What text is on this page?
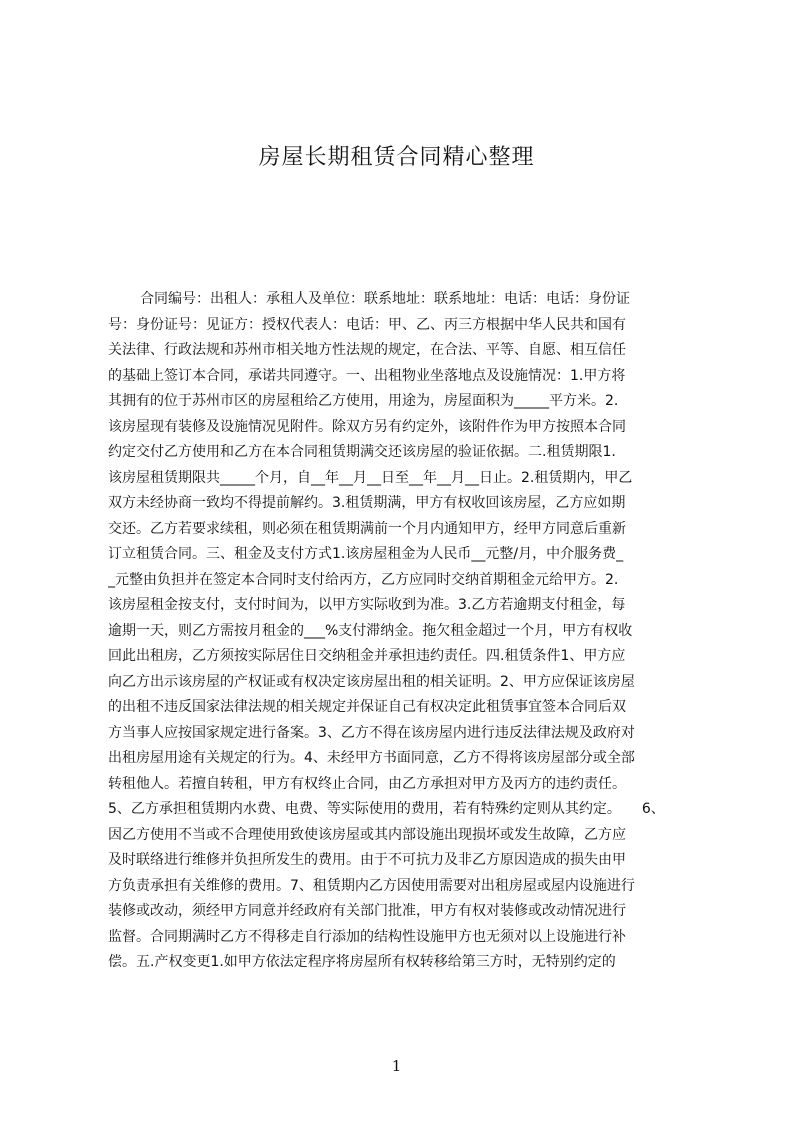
房屋长期租赁合同精心整理
合同编号：出租人：承租人及单位：联系地址：联系地址：电话：电话：身份证
号：身份证号：见证方：授权代表人：电话：甲、乙、丙三方根据中华人民共和国有
关法律、行政法规和苏州市相关地方性法规的规定，在合法、平等、自愿、相互信任
的基础上签订本合同，承诺共同遵守。一、出租物业坐落地点及设施情况：1.甲方将
其拥有的位于苏州市区的房屋租给乙方使用，用途为，房屋面积为_____平方米。2.
该房屋现有装修及设施情况见附件。除双方另有约定外，该附件作为甲方按照本合同
约定交付乙方使用和乙方在本合同租赁期满交还该房屋的验证依据。二.租赁期限1.
该房屋租赁期限共_____个月，自__年__月__日至__年__月__日止。2.租赁期内，甲乙
双方未经协商一致均不得提前解约。3.租赁期满，甲方有权收回该房屋，乙方应如期
交还。乙方若要求续租，则必须在租赁期满前一个月内通知甲方，经甲方同意后重新
订立租赁合同。三、租金及支付方式1.该房屋租金为人民币__元整/月，中介服务费_
_元整由负担并在签定本合同时支付给丙方，乙方应同时交纳首期租金元给甲方。2.
该房屋租金按支付，支付时间为，以甲方实际收到为准。3.乙方若逾期支付租金，每
逾期一天，则乙方需按月租金的___%支付滞纳金。拖欠租金超过一个月，甲方有权收
回此出租房，乙方须按实际居住日交纳租金并承担违约责任。四.租赁条件1、甲方应
向乙方出示该房屋的产权证或有权决定该房屋出租的相关证明。2、甲方应保证该房屋
的出租不违反国家法律法规的相关规定并保证自己有权决定此租赁事宜签本合同后双
方当事人应按国家规定进行备案。3、乙方不得在该房屋内进行违反法律法规及政府对
出租房屋用途有关规定的行为。4、未经甲方书面同意，乙方不得将该房屋部分或全部
转租他人。若擅自转租，甲方有权终止合同，由乙方承担对甲方及丙方的违约责任。
5、乙方承担租赁期内水费、电费、等实际使用的费用，若有特殊约定则从其约定。　　6、
因乙方使用不当或不合理使用致使该房屋或其内部设施出现损坏或发生故障，乙方应
及时联络进行维修并负担所发生的费用。由于不可抗力及非乙方原因造成的损失由甲
方负责承担有关维修的费用。7、租赁期内乙方因使用需要对出租房屋或屋内设施进行
装修或改动，须经甲方同意并经政府有关部门批准，甲方有权对装修或改动情况进行
监督。合同期满时乙方不得移走自行添加的结构性设施甲方也无须对以上设施进行补
偿。五.产权变更1.如甲方依法定程序将房屋所有权转移给第三方时，无特别约定的
1
